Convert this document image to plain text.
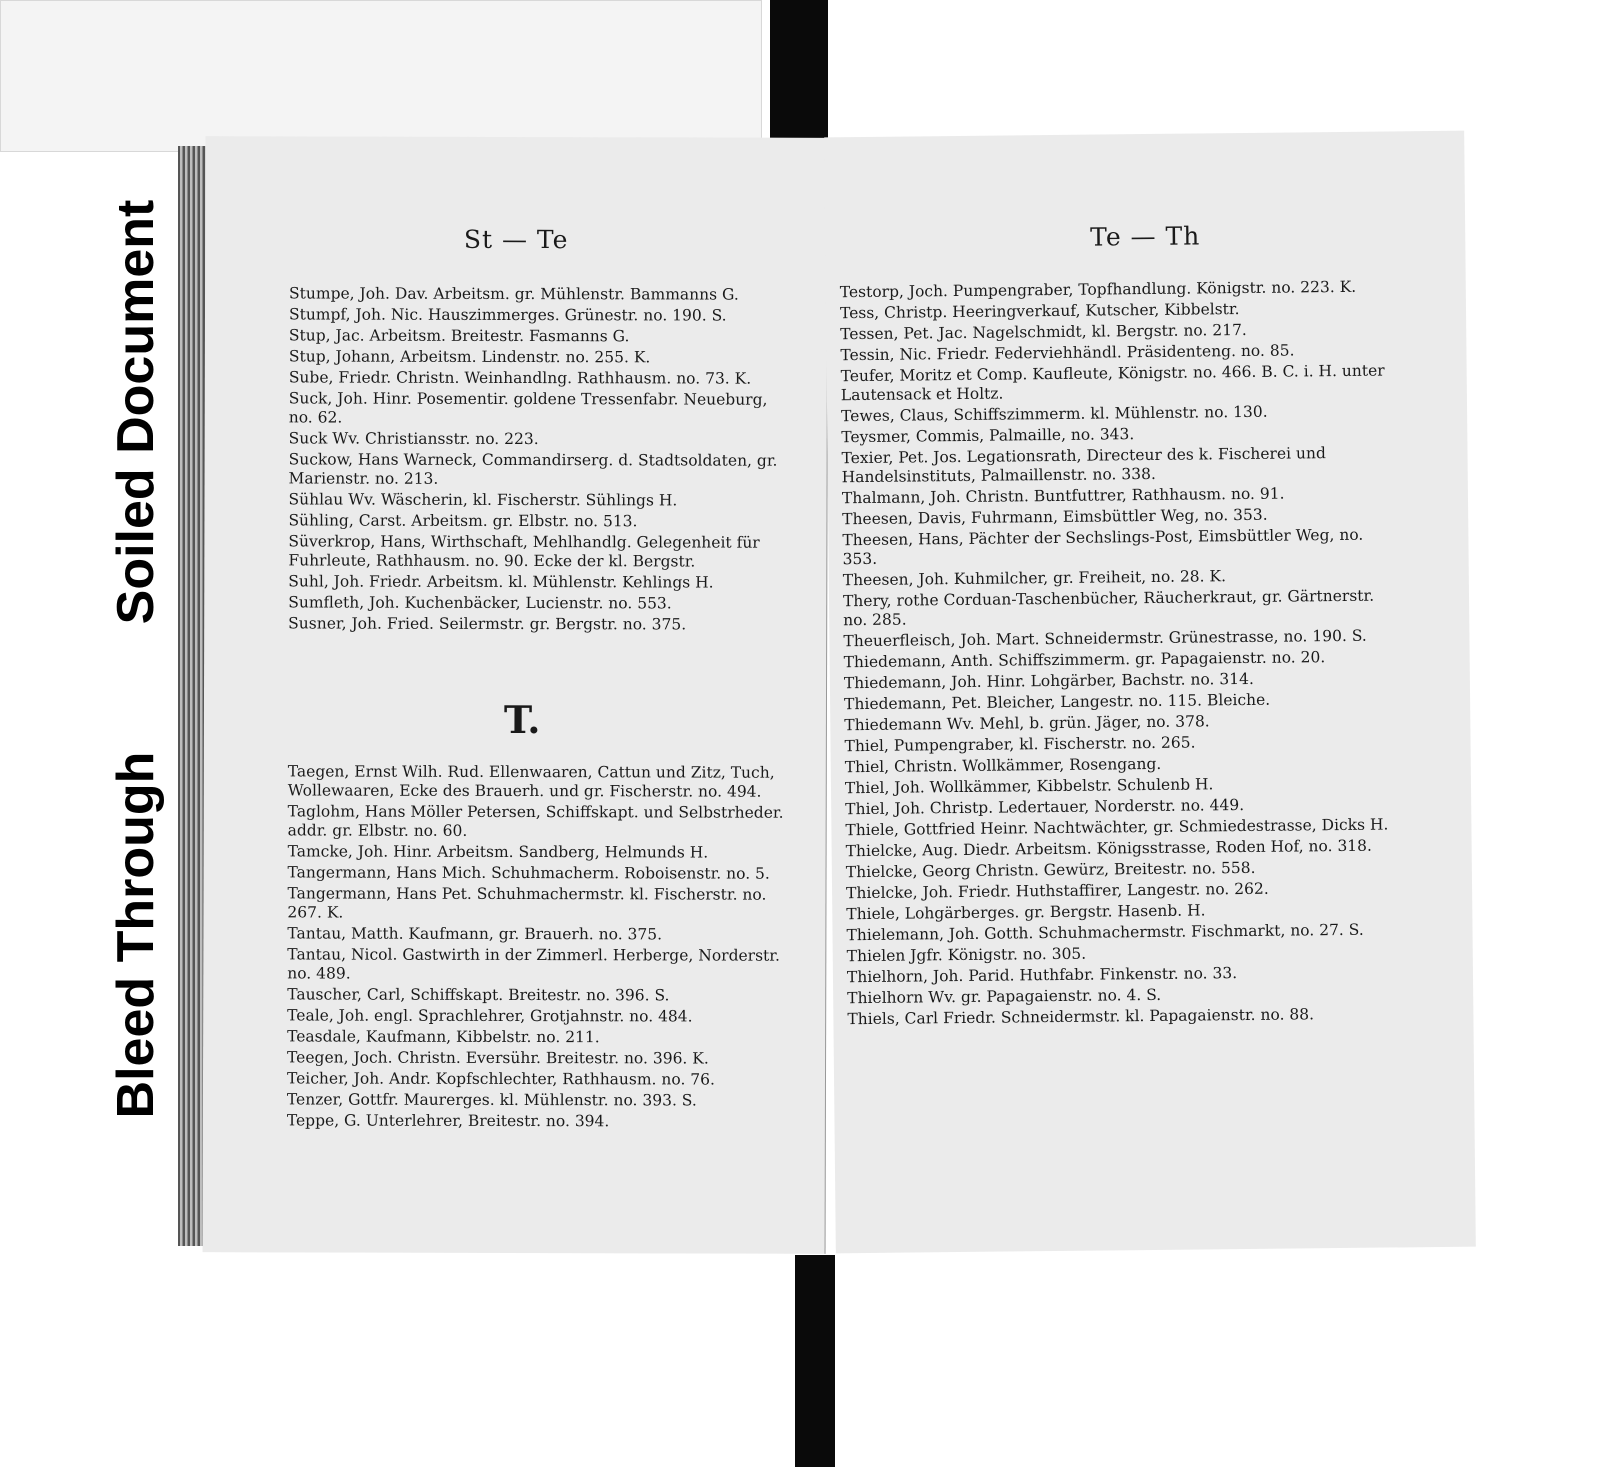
Soiled Document
Bleed Through
St — Te
Stumpe, Joh. Dav. Arbeitsm. gr. Mühlenstr. Bammanns G.
Stumpf, Joh. Nic. Hauszimmerges. Grünestr. no. 190. S.
Stup, Jac. Arbeitsm. Breitestr. Fasmanns G.
Stup, Johann, Arbeitsm. Lindenstr. no. 255. K.
Sube, Friedr. Christn. Weinhandlng. Rathhausm. no. 73. K.
Suck, Joh. Hinr. Posementir. goldene Tressenfabr. Neueburg, no. 62.
Suck Wv. Christiansstr. no. 223.
Suckow, Hans Warneck, Commandirserg. d. Stadtsoldaten, gr. Marienstr. no. 213.
Sühlau Wv. Wäscherin, kl. Fischerstr. Sühlings H.
Sühling, Carst. Arbeitsm. gr. Elbstr. no. 513.
Süverkrop, Hans, Wirthschaft, Mehlhandlg. Gelegenheit für Fuhrleute, Rathhausm. no. 90. Ecke der kl. Bergstr.
Suhl, Joh. Friedr. Arbeitsm. kl. Mühlenstr. Kehlings H.
Sumfleth, Joh. Kuchenbäcker, Lucienstr. no. 553.
Susner, Joh. Fried. Seilermstr. gr. Bergstr. no. 375.
T.
Taegen, Ernst Wilh. Rud. Ellenwaaren, Cattun und Zitz, Tuch, Wollewaaren, Ecke des Brauerh. und gr. Fischerstr. no. 494.
Taglohm, Hans Möller Petersen, Schiffskapt. und Selbstrheder. addr. gr. Elbstr. no. 60.
Tamcke, Joh. Hinr. Arbeitsm. Sandberg, Helmunds H.
Tangermann, Hans Mich. Schuhmacherm. Roboisenstr. no. 5.
Tangermann, Hans Pet. Schuhmachermstr. kl. Fischerstr. no. 267. K.
Tantau, Matth. Kaufmann, gr. Brauerh. no. 375.
Tantau, Nicol. Gastwirth in der Zimmerl. Herberge, Norderstr. no. 489.
Tauscher, Carl, Schiffskapt. Breitestr. no. 396. S.
Teale, Joh. engl. Sprachlehrer, Grotjahnstr. no. 484.
Teasdale, Kaufmann, Kibbelstr. no. 211.
Teegen, Joch. Christn. Eversühr. Breitestr. no. 396. K.
Teicher, Joh. Andr. Kopfschlechter, Rathhausm. no. 76.
Tenzer, Gottfr. Maurerges. kl. Mühlenstr. no. 393. S.
Teppe, G. Unterlehrer, Breitestr. no. 394.
Te — Th
Testorp, Joch. Pumpengraber, Topfhandlung. Königstr. no. 223. K.
Tess, Christp. Heeringverkauf, Kutscher, Kibbelstr.
Tessen, Pet. Jac. Nagelschmidt, kl. Bergstr. no. 217.
Tessin, Nic. Friedr. Federviehhändl. Präsidenteng. no. 85.
Teufer, Moritz et Comp. Kaufleute, Königstr. no. 466. B. C. i. H. unter Lautensack et Holtz.
Tewes, Claus, Schiffszimmerm. kl. Mühlenstr. no. 130.
Teysmer, Commis, Palmaille, no. 343.
Texier, Pet. Jos. Legationsrath, Directeur des k. Fischerei und Handelsinstituts, Palmaillenstr. no. 338.
Thalmann, Joh. Christn. Buntfuttrer, Rathhausm. no. 91.
Theesen, Davis, Fuhrmann, Eimsbüttler Weg, no. 353.
Theesen, Hans, Pächter der Sechslings-Post, Eimsbüttler Weg, no. 353.
Theesen, Joh. Kuhmilcher, gr. Freiheit, no. 28. K.
Thery, rothe Corduan-Taschenbücher, Räucherkraut, gr. Gärtnerstr. no. 285.
Theuerfleisch, Joh. Mart. Schneidermstr. Grünestrasse, no. 190. S.
Thiedemann, Anth. Schiffszimmerm. gr. Papagaienstr. no. 20.
Thiedemann, Joh. Hinr. Lohgärber, Bachstr. no. 314.
Thiedemann, Pet. Bleicher, Langestr. no. 115. Bleiche.
Thiedemann Wv. Mehl, b. grün. Jäger, no. 378.
Thiel, Pumpengraber, kl. Fischerstr. no. 265.
Thiel, Christn. Wollkämmer, Rosengang.
Thiel, Joh. Wollkämmer, Kibbelstr. Schulenb H.
Thiel, Joh. Christp. Ledertauer, Norderstr. no. 449.
Thiele, Gottfried Heinr. Nachtwächter, gr. Schmiedestrasse, Dicks H.
Thielcke, Aug. Diedr. Arbeitsm. Königsstrasse, Roden Hof, no. 318.
Thielcke, Georg Christn. Gewürz, Breitestr. no. 558.
Thielcke, Joh. Friedr. Huthstaffirer, Langestr. no. 262.
Thiele, Lohgärberges. gr. Bergstr. Hasenb. H.
Thielemann, Joh. Gotth. Schuhmachermstr. Fischmarkt, no. 27. S.
Thielen Jgfr. Königstr. no. 305.
Thielhorn, Joh. Parid. Huthfabr. Finkenstr. no. 33.
Thielhorn Wv. gr. Papagaienstr. no. 4. S.
Thiels, Carl Friedr. Schneidermstr. kl. Papagaienstr. no. 88.
